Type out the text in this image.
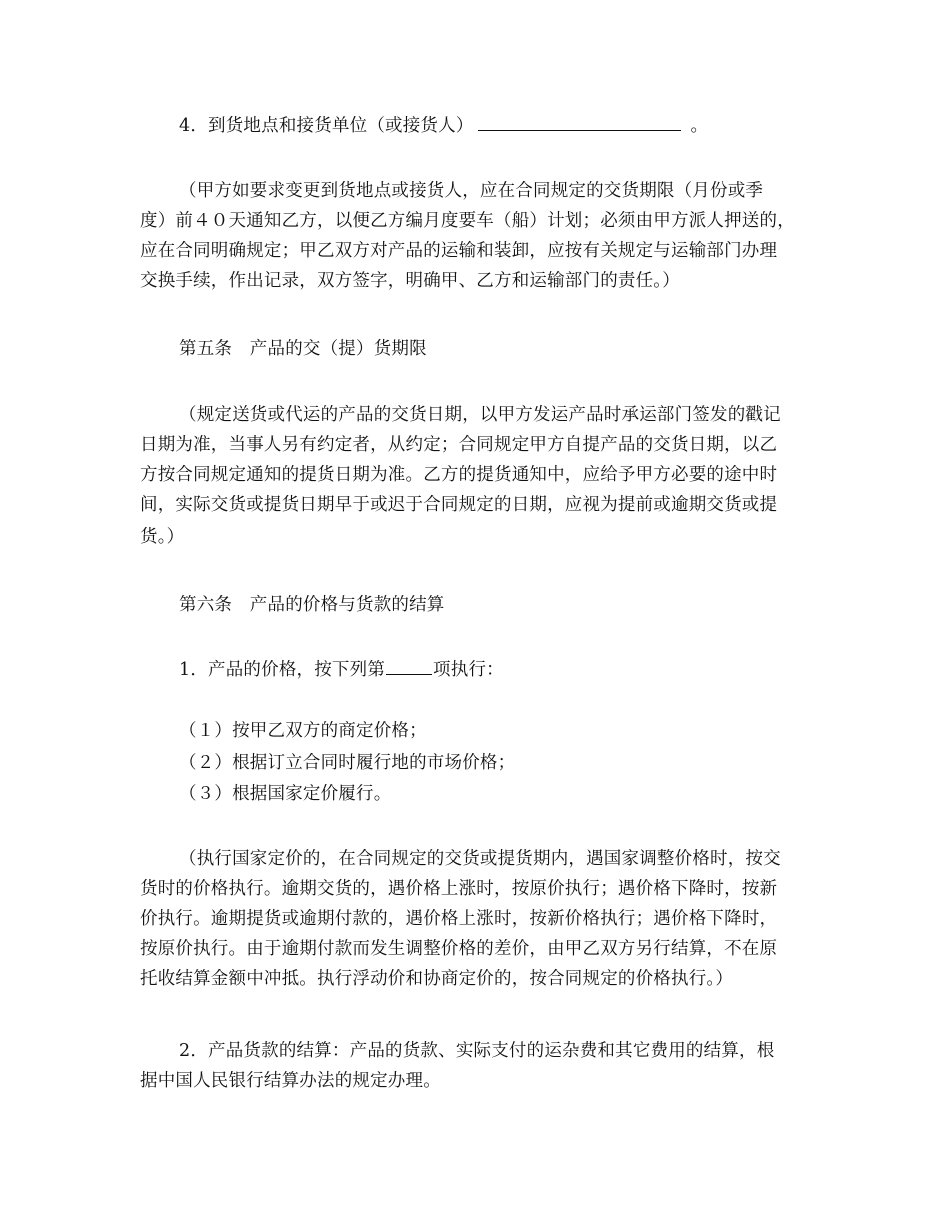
4．到货地点和接货单位（或接货人）	。
（甲方如要求变更到货地点或接货人，应在合同规定的交货期限（月份或季
度）前４０天通知乙方，以便乙方编月度要车（船）计划；必须由甲方派人押送的，
应在合同明确规定；甲乙双方对产品的运输和装卸，应按有关规定与运输部门办理
交换手续，作出记录，双方签字，明确甲、乙方和运输部门的责任。）
第五条　产品的交（提）货期限
（规定送货或代运的产品的交货日期，以甲方发运产品时承运部门签发的戳记
日期为准，当事人另有约定者，从约定；合同规定甲方自提产品的交货日期，以乙
方按合同规定通知的提货日期为准。乙方的提货通知中，应给予甲方必要的途中时
间，实际交货或提货日期早于或迟于合同规定的日期，应视为提前或逾期交货或提
货。）
第六条　产品的价格与货款的结算
1．产品的价格，按下列第	项执行：
（１）按甲乙双方的商定价格；
（２）根据订立合同时履行地的市场价格；
（３）根据国家定价履行。
（执行国家定价的，在合同规定的交货或提货期内，遇国家调整价格时，按交
货时的价格执行。逾期交货的，遇价格上涨时，按原价执行；遇价格下降时，按新
价执行。逾期提货或逾期付款的，遇价格上涨时，按新价格执行；遇价格下降时，
按原价执行。由于逾期付款而发生调整价格的差价，由甲乙双方另行结算，不在原
托收结算金额中冲抵。执行浮动价和协商定价的，按合同规定的价格执行。）
2．产品货款的结算：产品的货款、实际支付的运杂费和其它费用的结算，根
据中国人民银行结算办法的规定办理。
